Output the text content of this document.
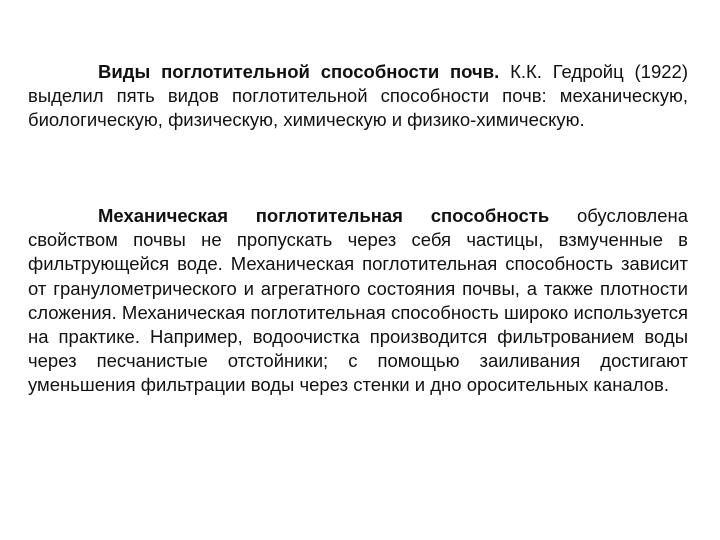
Виды поглотительной способности почв. К.К. Гедройц (1922) выделил пять видов поглотительной способности почв: механическую, биологическую, физическую, химическую и физико-химическую.

Механическая поглотительная способность обусловлена свойством почвы не пропускать через себя частицы, взмученные в фильтрующейся воде. Механическая поглотительная способность зависит от гранулометрического и агрегатного состояния почвы, а также плотности сложения. Механическая поглотительная способность широко используется на практике. Например, водоочистка производится фильтрованием воды через песчанистые отстойники; с помощью заиливания достигают уменьшения фильтрации воды через стенки и дно оросительных каналов.
